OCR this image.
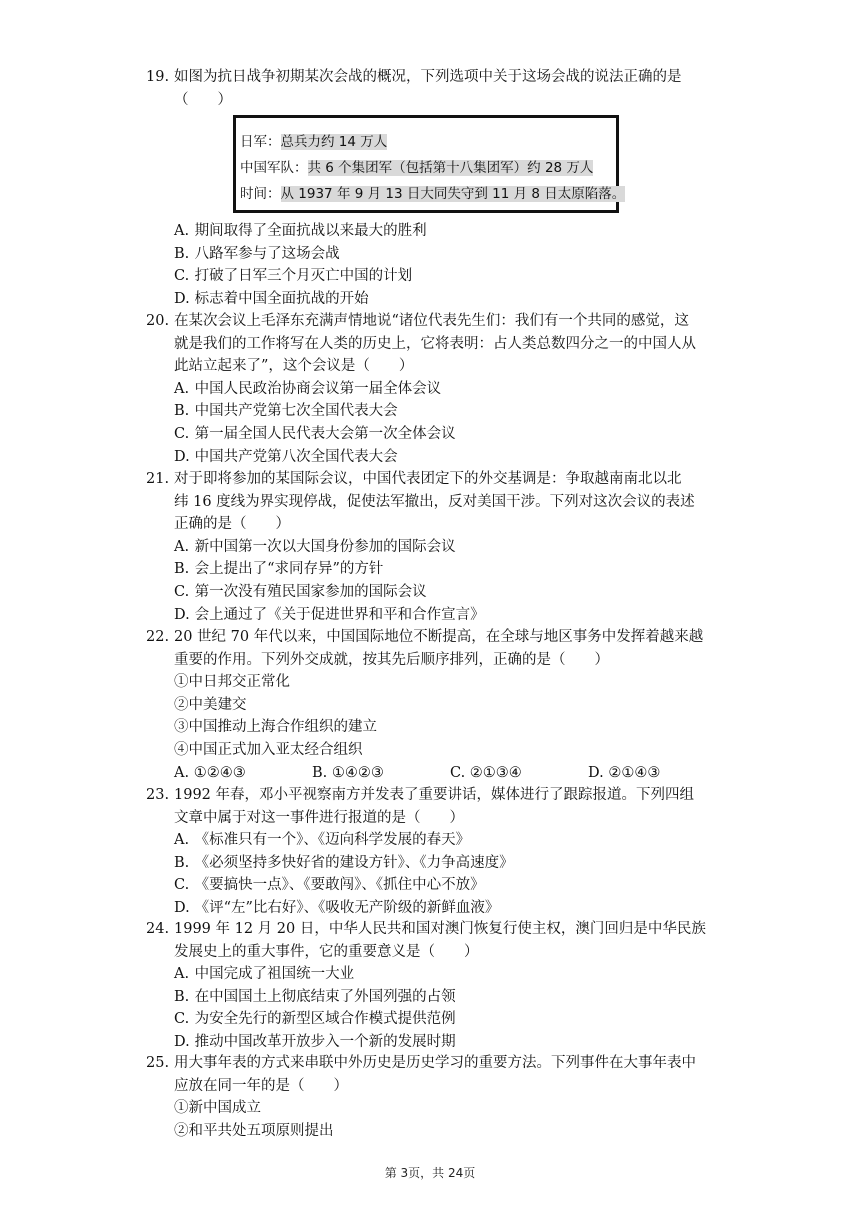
19. 如图为抗日战争初期某次会战的概况，下列选项中关于这场会战的说法正确的是
（　　）
日军：总兵力约 14 万人
中国军队：共 6 个集团军（包括第十八集团军）约 28 万人
时间：从 1937 年 9 月 13 日大同失守到 11 月 8 日太原陷落。
A. 期间取得了全面抗战以来最大的胜利
B. 八路军参与了这场会战
C. 打破了日军三个月灭亡中国的计划
D. 标志着中国全面抗战的开始
20. 在某次会议上毛泽东充满声情地说“诸位代表先生们：我们有一个共同的感觉，这
就是我们的工作将写在人类的历史上，它将表明：占人类总数四分之一的中国人从
此站立起来了”，这个会议是（　　）
A. 中国人民政治协商会议第一届全体会议
B. 中国共产党第七次全国代表大会
C. 第一届全国人民代表大会第一次全体会议
D. 中国共产党第八次全国代表大会
21. 对于即将参加的某国际会议，中国代表团定下的外交基调是：争取越南南北以北
纬 16 度线为界实现停战，促使法军撤出，反对美国干涉。下列对这次会议的表述
正确的是（　　）
A. 新中国第一次以大国身份参加的国际会议
B. 会上提出了“求同存异”的方针
C. 第一次没有殖民国家参加的国际会议
D. 会上通过了《关于促进世界和平和合作宣言》
22. 20 世纪 70 年代以来，中国国际地位不断提高，在全球与地区事务中发挥着越来越
重要的作用。下列外交成就，按其先后顺序排列，正确的是（　　）
①中日邦交正常化
②中美建交
③中国推动上海合作组织的建立
④中国正式加入亚太经合组织
A. ①②④③	B. ①④②③	C. ②①③④	D. ②①④③
23. 1992 年春，邓小平视察南方并发表了重要讲话，媒体进行了跟踪报道。下列四组
文章中属于对这一事件进行报道的是（　　）
A. 《标准只有一个》、《迈向科学发展的春天》
B. 《必须坚持多快好省的建设方针》、《力争高速度》
C. 《要搞快一点》、《要敢闯》、《抓住中心不放》
D. 《评“左”比右好》、《吸收无产阶级的新鲜血液》
24. 1999 年 12 月 20 日，中华人民共和国对澳门恢复行使主权，澳门回归是中华民族
发展史上的重大事件，它的重要意义是（　　）
A. 中国完成了祖国统一大业
B. 在中国国土上彻底结束了外国列强的占领
C. 为安全先行的新型区域合作模式提供范例
D. 推动中国改革开放步入一个新的发展时期
25. 用大事年表的方式来串联中外历史是历史学习的重要方法。下列事件在大事年表中
应放在同一年的是（　　）
①新中国成立
②和平共处五项原则提出
第 3页，共 24页
